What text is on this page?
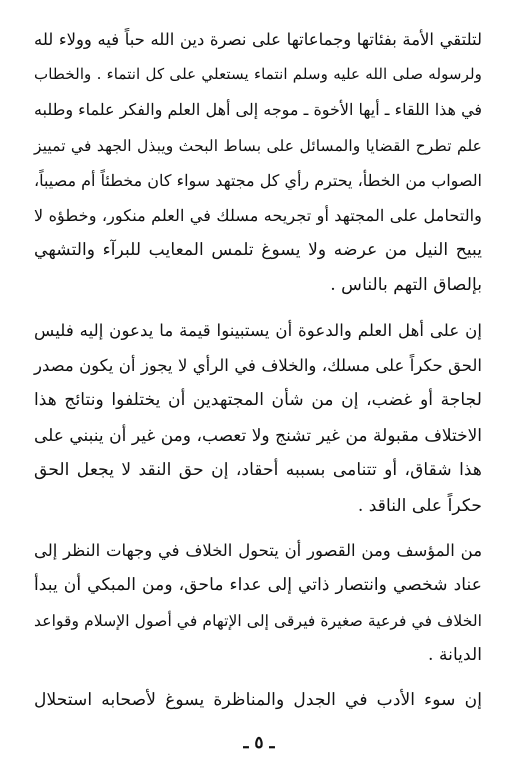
لتلتقي الأمة بفئاتها وجماعاتها على نصرة دين الله حباً فيه وولاء لله
ولرسوله صلى الله عليه وسلم انتماء يستعلي على كل انتماء . والخطاب
في هذا اللقاء ـ أيها الأخوة ـ موجه إلى أهل العلم والفكر علماء وطلبه
علم تطرح القضايا والمسائل على بساط البحث ويبذل الجهد في تمييز
الصواب من الخطأ، يحترم رأي كل مجتهد سواء كان مخطئاً أم مصيباً،
والتحامل على المجتهد أو تجريحه مسلك في العلم منكور، وخطؤه لا
يبيح النيل من عرضه ولا يسوغ تلمس المعايب للبرآء والتشهي
بإلصاق التهم بالناس .

إن على أهل العلم والدعوة أن يستبينوا قيمة ما يدعون إليه فليس
الحق حكراً على مسلك، والخلاف في الرأي لا يجوز أن يكون مصدر
لجاجة أو غضب، إن من شأن المجتهدين أن يختلفوا ونتائج هذا
الاختلاف مقبولة من غير تشنج ولا تعصب، ومن غير أن ينبني على
هذا شقاق، أو تتنامى بسببه أحقاد، إن حق النقد لا يجعل الحق
حكراً على الناقد .

من المؤسف ومن القصور أن يتحول الخلاف في وجهات النظر إلى
عناد شخصي وانتصار ذاتي إلى عداء ماحق، ومن المبكي أن يبدأ
الخلاف في فرعية صغيرة فيرقى إلى الإتهام في أصول الإسلام وقواعد
الديانة .

إن سوء الأدب في الجدل والمناظرة يسوغ لأصحابه استحلال

ـ ٥ ـ
